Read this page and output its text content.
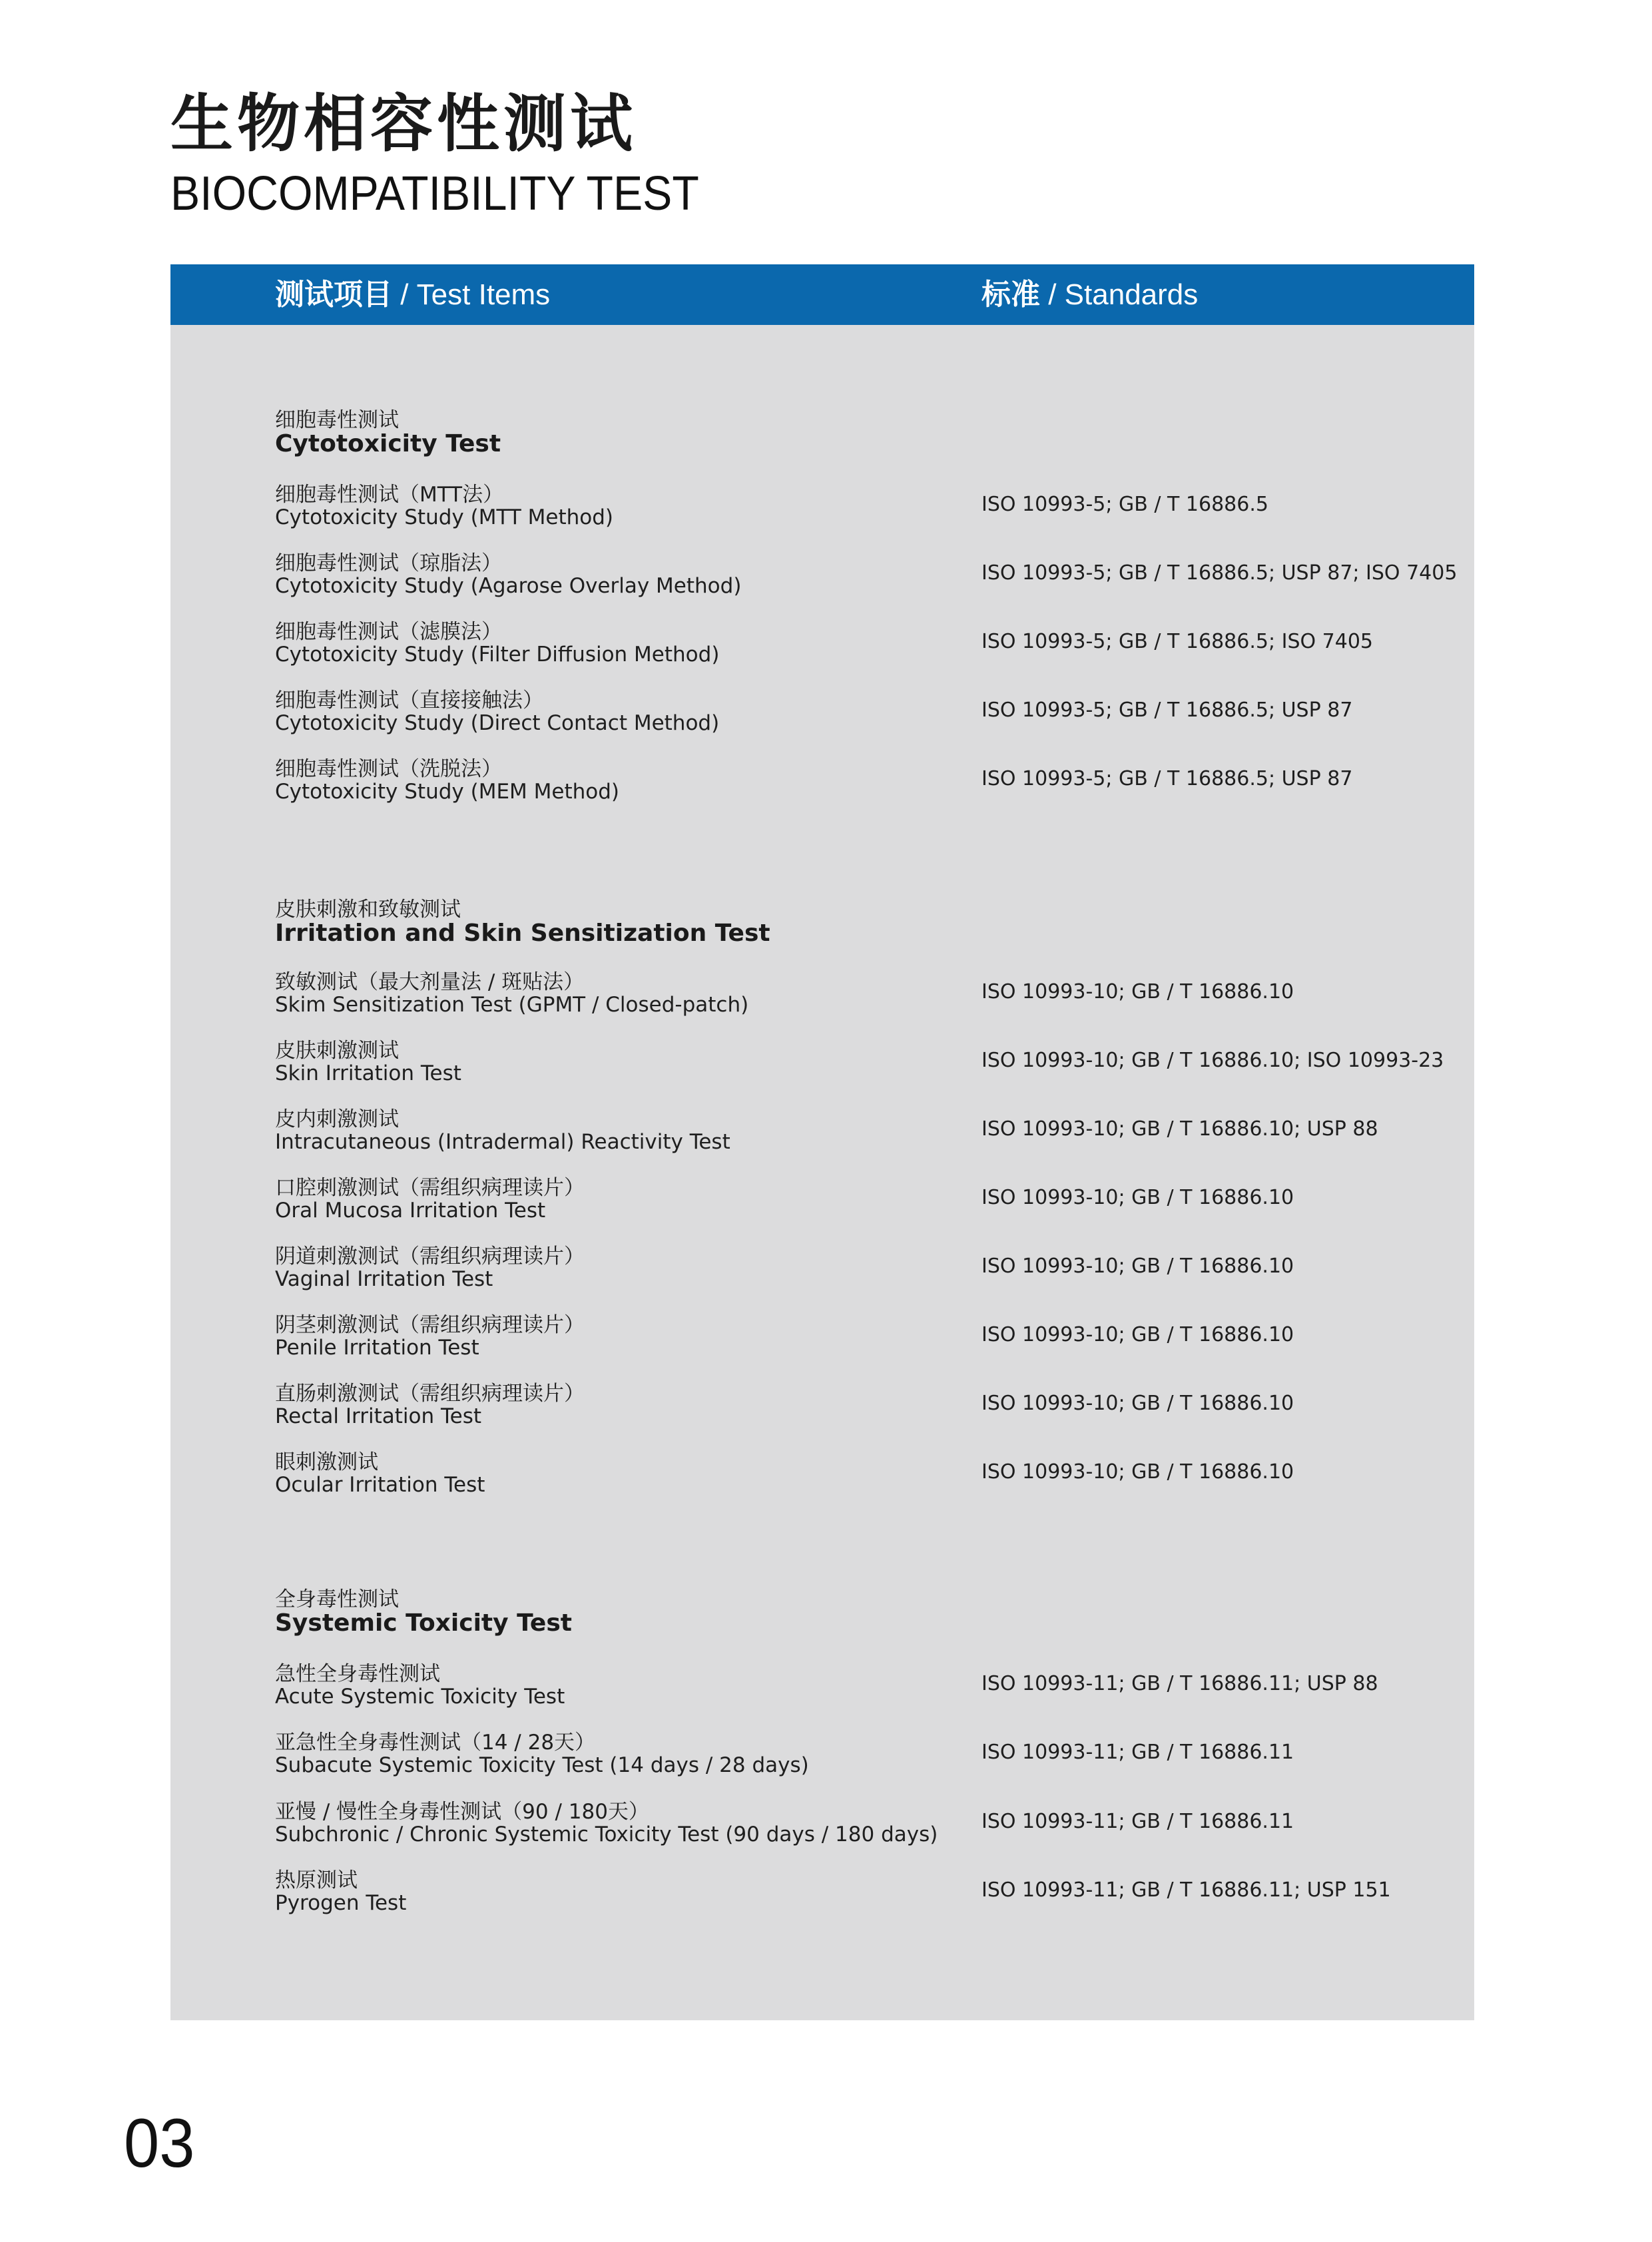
生物相容性测试
BIOCOMPATIBILITY TEST
测试项目 / Test Items	标准 / Standards
细胞毒性测试
Cytotoxicity Test
细胞毒性测试（MTT法）
Cytotoxicity Study (MTT Method)
ISO 10993-5; GB / T 16886.5
细胞毒性测试（琼脂法）
Cytotoxicity Study (Agarose Overlay Method)
ISO 10993-5; GB / T 16886.5; USP 87; ISO 7405
细胞毒性测试（滤膜法）
Cytotoxicity Study (Filter Diffusion Method)
ISO 10993-5; GB / T 16886.5; ISO 7405
细胞毒性测试（直接接触法）
Cytotoxicity Study (Direct Contact Method)
ISO 10993-5; GB / T 16886.5; USP 87
细胞毒性测试（洗脱法）
Cytotoxicity Study (MEM Method)
ISO 10993-5; GB / T 16886.5; USP 87
皮肤刺激和致敏测试
Irritation and Skin Sensitization Test
致敏测试（最大剂量法 / 斑贴法）
Skim Sensitization Test (GPMT / Closed-patch)
ISO 10993-10; GB / T 16886.10
皮肤刺激测试
Skin Irritation Test
ISO 10993-10; GB / T 16886.10; ISO 10993-23
皮内刺激测试
Intracutaneous (Intradermal) Reactivity Test
ISO 10993-10; GB / T 16886.10; USP 88
口腔刺激测试（需组织病理读片）
Oral Mucosa Irritation Test
ISO 10993-10; GB / T 16886.10
阴道刺激测试（需组织病理读片）
Vaginal Irritation Test
ISO 10993-10; GB / T 16886.10
阴茎刺激测试（需组织病理读片）
Penile Irritation Test
ISO 10993-10; GB / T 16886.10
直肠刺激测试（需组织病理读片）
Rectal Irritation Test
ISO 10993-10; GB / T 16886.10
眼刺激测试
Ocular Irritation Test
ISO 10993-10; GB / T 16886.10
全身毒性测试
Systemic Toxicity Test
急性全身毒性测试
Acute Systemic Toxicity Test
ISO 10993-11; GB / T 16886.11; USP 88
亚急性全身毒性测试（14 / 28天）
Subacute Systemic Toxicity Test (14 days / 28 days)
ISO 10993-11; GB / T 16886.11
亚慢 / 慢性全身毒性测试（90 / 180天）
Subchronic / Chronic Systemic Toxicity Test (90 days / 180 days)
ISO 10993-11; GB / T 16886.11
热原测试
Pyrogen Test
ISO 10993-11; GB / T 16886.11; USP 151
03
